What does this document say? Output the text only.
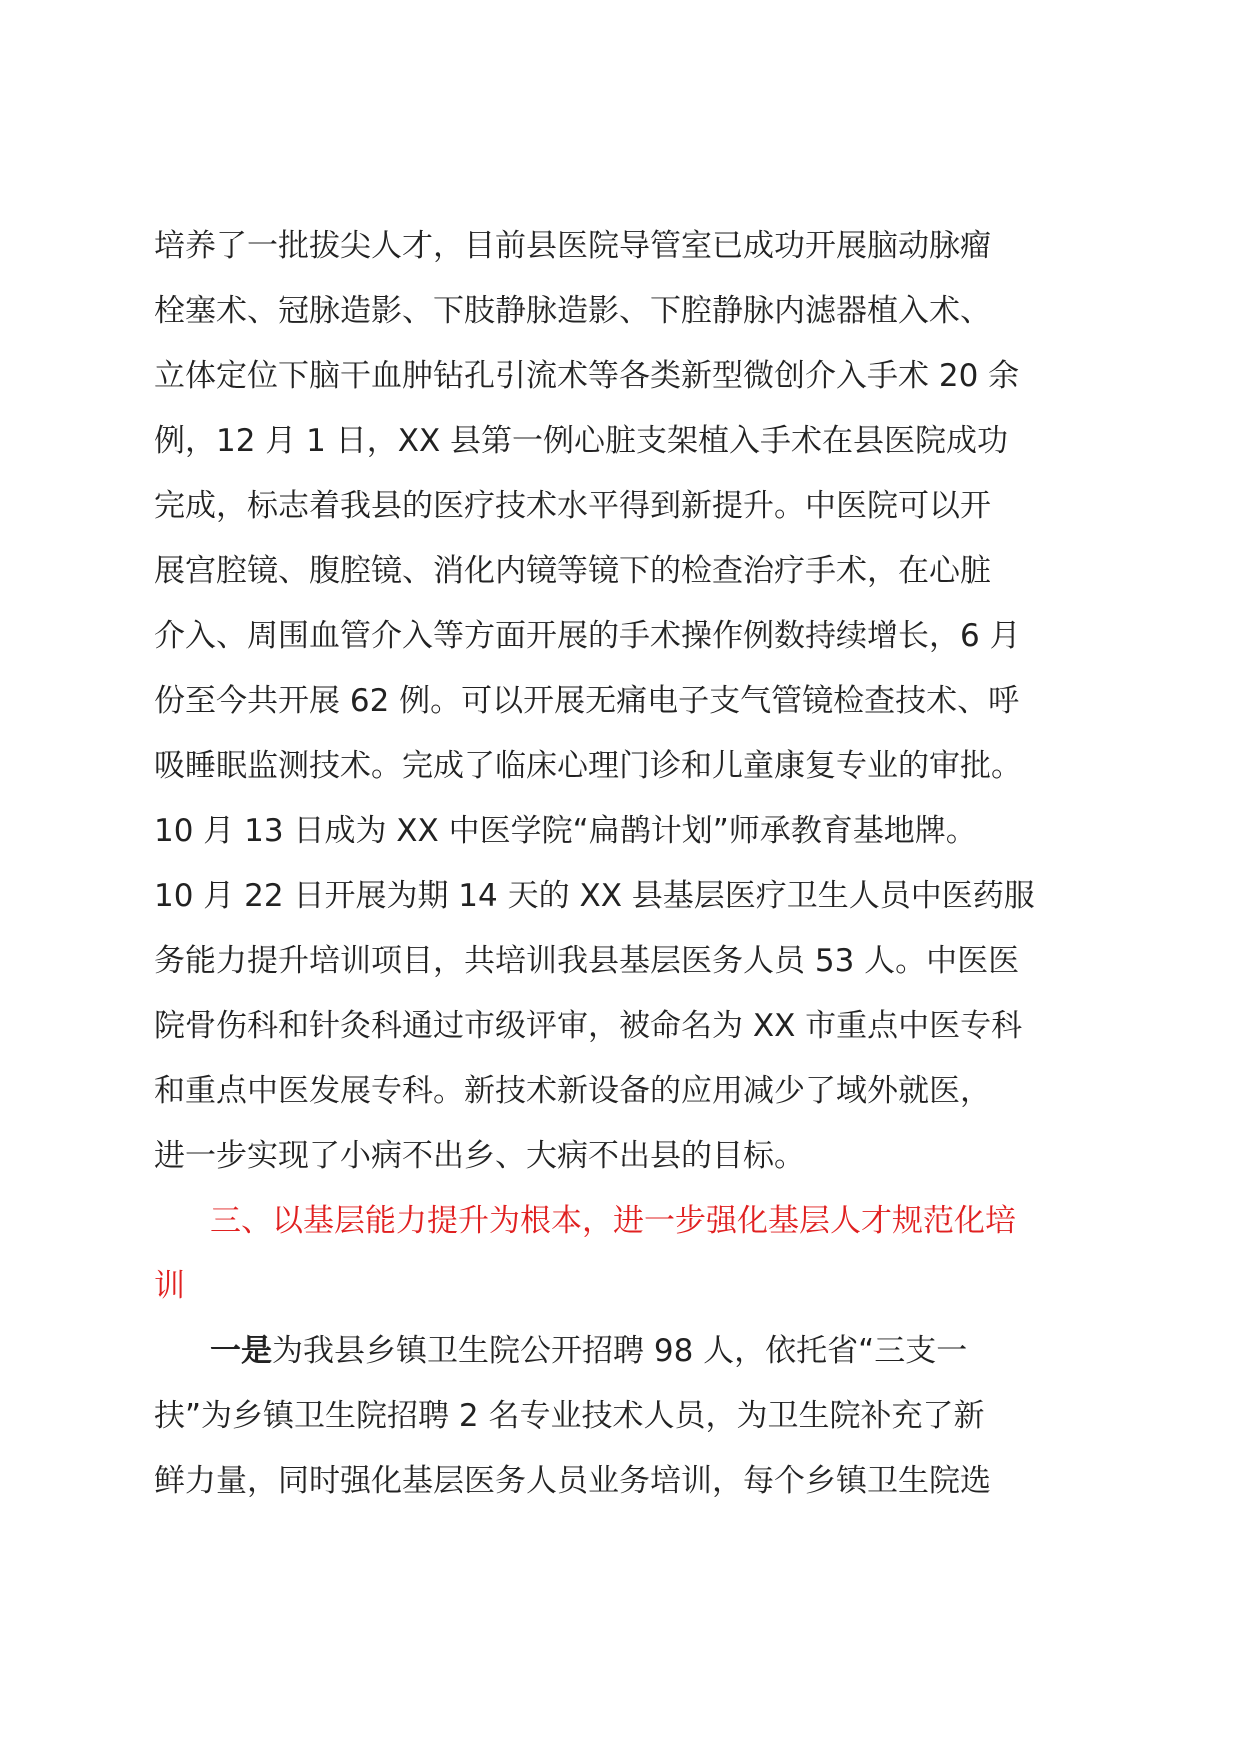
培养了一批拔尖人才，目前县医院导管室已成功开展脑动脉瘤
栓塞术、冠脉造影、下肢静脉造影、下腔静脉内滤器植入术、
立体定位下脑干血肿钻孔引流术等各类新型微创介入手术 20 余
例，12 月 1 日，XX 县第一例心脏支架植入手术在县医院成功
完成，标志着我县的医疗技术水平得到新提升。中医院可以开
展宫腔镜、腹腔镜、消化内镜等镜下的检查治疗手术，在心脏
介入、周围血管介入等方面开展的手术操作例数持续增长，6 月
份至今共开展 62 例。可以开展无痛电子支气管镜检查技术、呼
吸睡眠监测技术。完成了临床心理门诊和儿童康复专业的审批。
10 月 13 日成为 XX 中医学院“扁鹊计划”师承教育基地牌。
10 月 22 日开展为期 14 天的 XX 县基层医疗卫生人员中医药服
务能力提升培训项目，共培训我县基层医务人员 53 人。中医医
院骨伤科和针灸科通过市级评审，被命名为 XX 市重点中医专科
和重点中医发展专科。新技术新设备的应用减少了域外就医，
进一步实现了小病不出乡、大病不出县的目标。
三、以基层能力提升为根本，进一步强化基层人才规范化培
训
一是为我县乡镇卫生院公开招聘 98 人，依托省“三支一
扶”为乡镇卫生院招聘 2 名专业技术人员，为卫生院补充了新
鲜力量，同时强化基层医务人员业务培训，每个乡镇卫生院选
